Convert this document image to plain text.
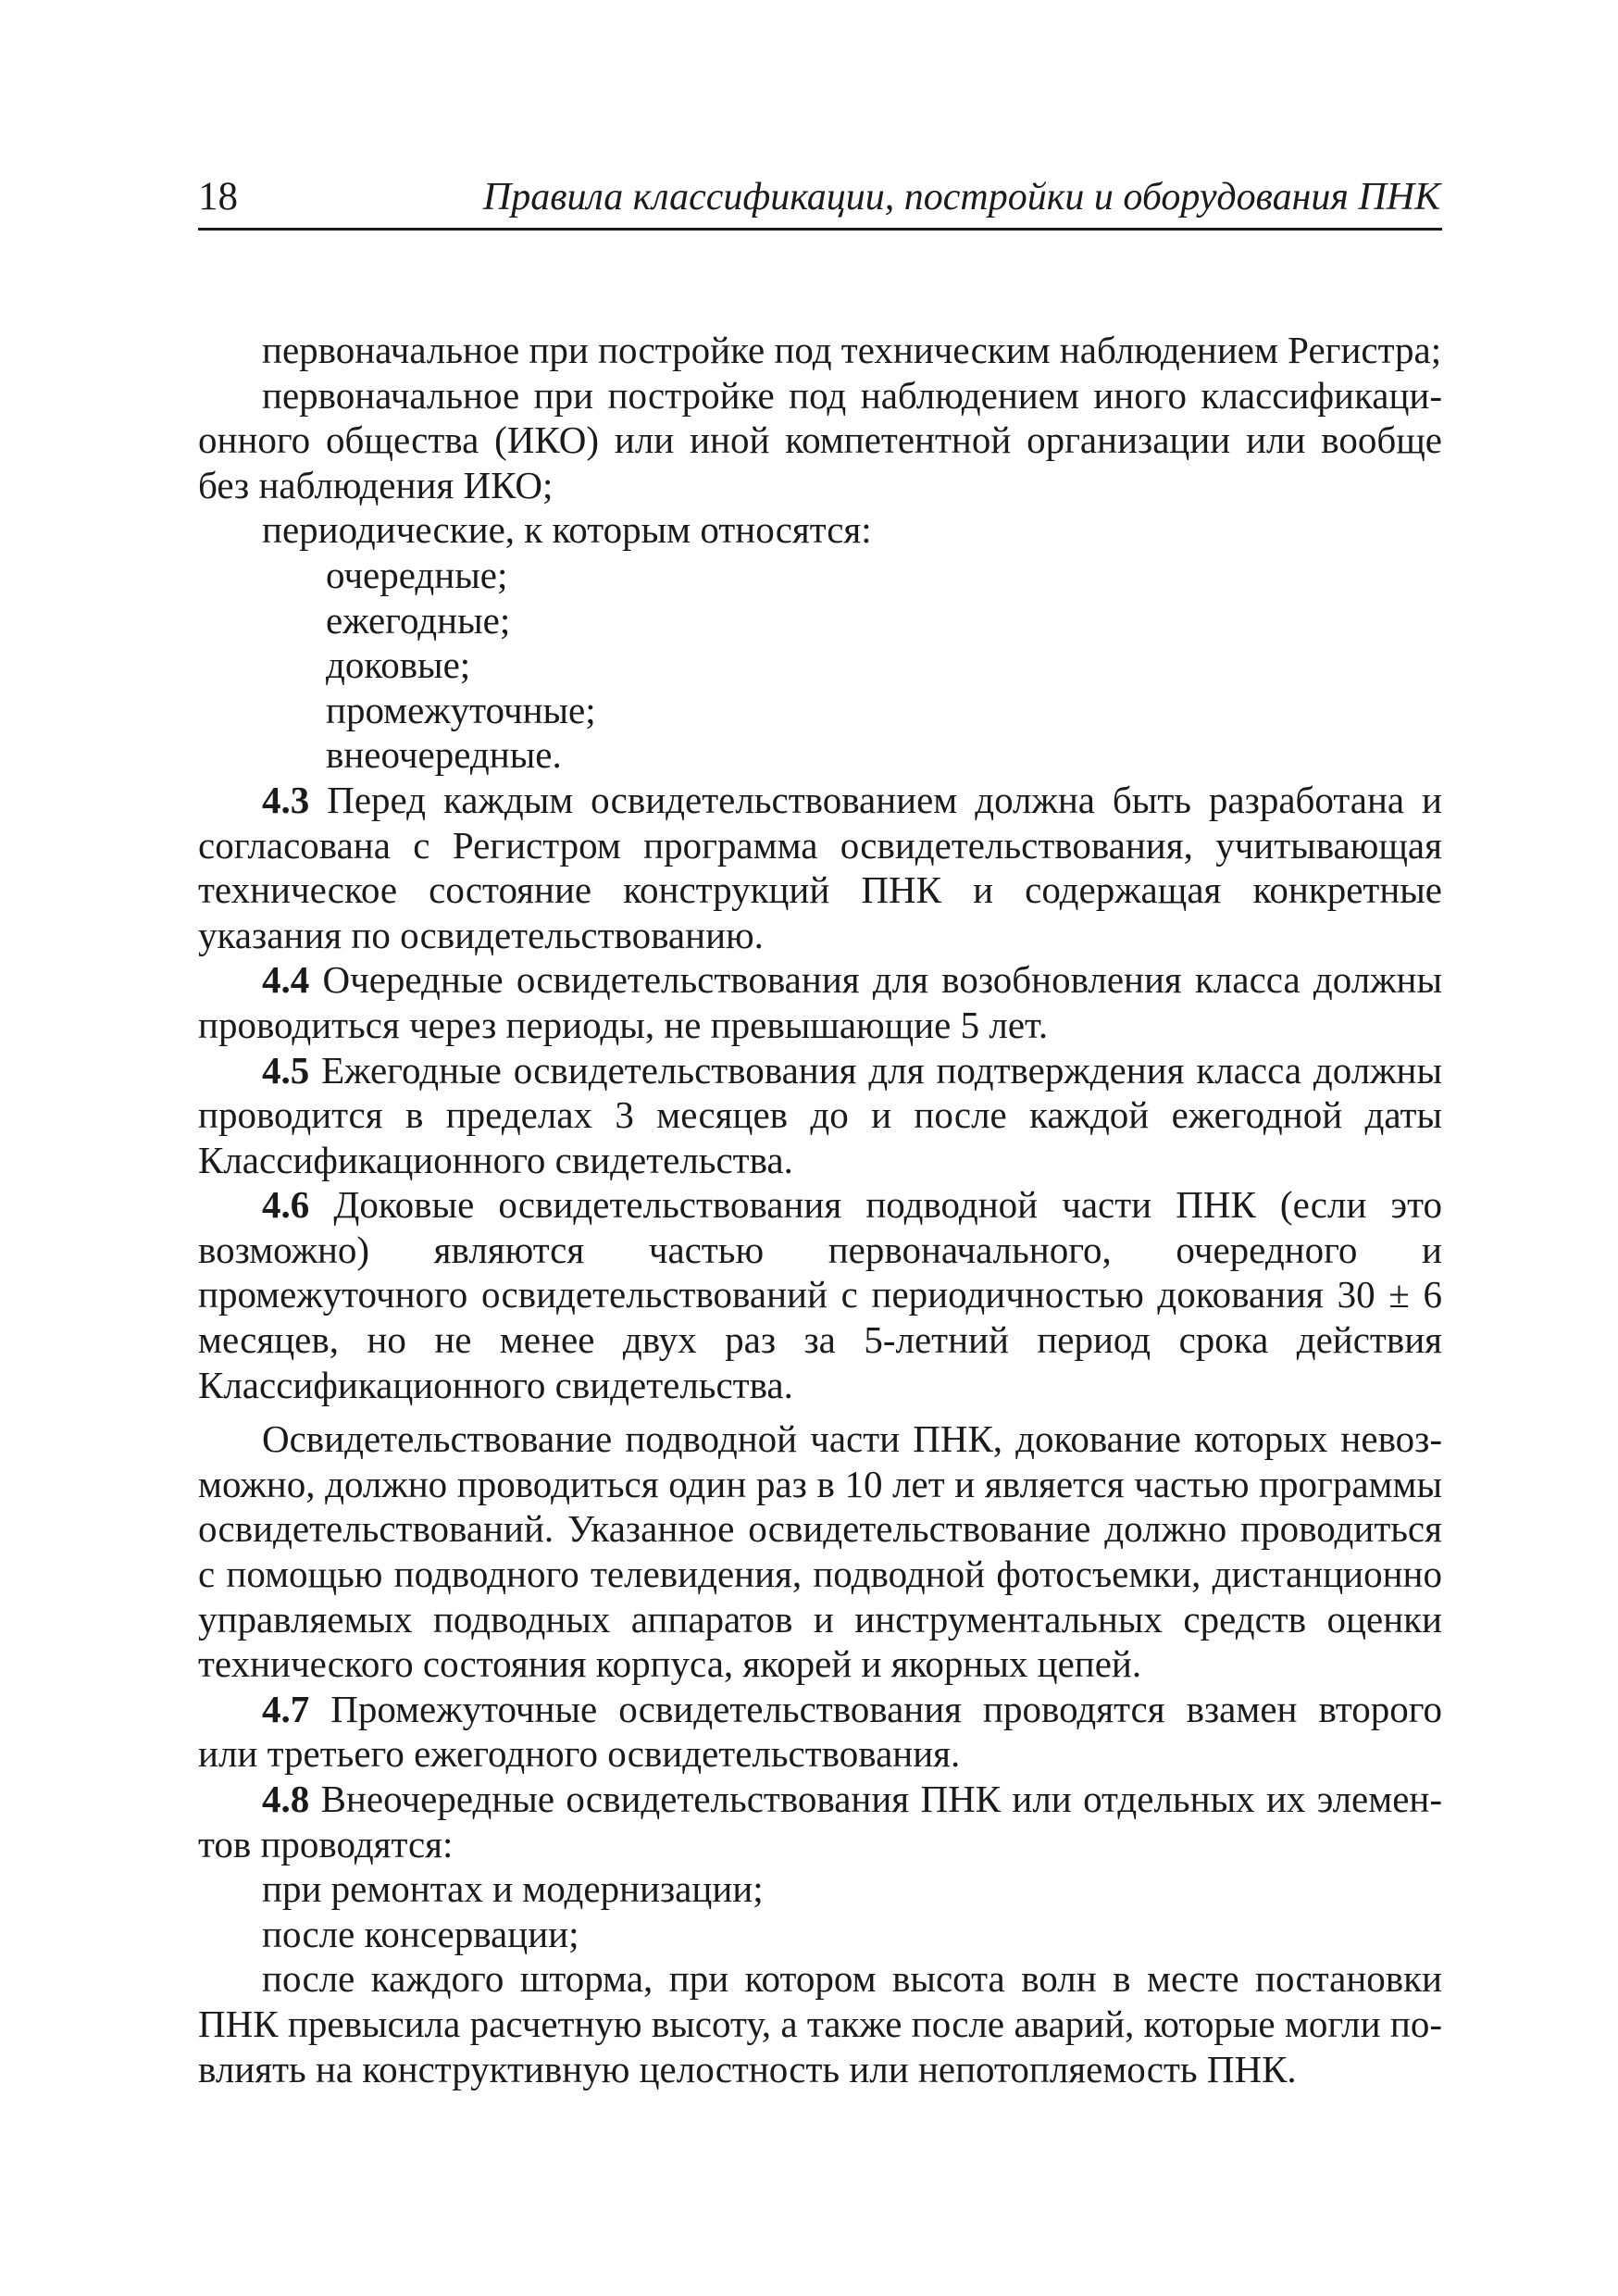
18	Правила классификации, постройки и оборудования ПНК

первоначальное при постройке под техническим наблюдением Регистра;

первоначальное при постройке под наблюдением иного классификационного общества (ИКО) или иной компетентной организации или вообще без наблюдения ИКО;

периодические, к которым относятся:

очередные;

ежегодные;

доковые;

промежуточные;

внеочередные.

4.3 Перед каждым освидетельствованием должна быть разработана и согласована с Регистром программа освидетельствования, учитывающая техническое состояние конструкций ПНК и содержащая конкретные указания по освидетельствованию.

4.4 Очередные освидетельствования для возобновления класса должны проводиться через периоды, не превышающие 5 лет.

4.5 Ежегодные освидетельствования для подтверждения класса должны проводится в пределах 3 месяцев до и после каждой ежегодной даты Классификационного свидетельства.

4.6 Доковые освидетельствования подводной части ПНК (если это возможно) являются частью первоначального, очередного и промежуточного освидетельствований с периодичностью докования 30 ± 6 месяцев, но не менее двух раз за 5-летний период срока действия Классификационного свидетельства.

Освидетельствование подводной части ПНК, докование которых невозможно, должно проводиться один раз в 10 лет и является частью программы освидетельствований. Указанное освидетельствование должно проводиться с помощью подводного телевидения, подводной фотосъемки, дистанционно управляемых подводных аппаратов и инструментальных средств оценки технического состояния корпуса, якорей и якорных цепей.

4.7 Промежуточные освидетельствования проводятся взамен второго или третьего ежегодного освидетельствования.

4.8 Внеочередные освидетельствования ПНК или отдельных их элементов проводятся:

при ремонтах и модернизации;

после консервации;

после каждого шторма, при котором высота волн в месте постановки ПНК превысила расчетную высоту, а также после аварий, которые могли повлиять на конструктивную целостность или непотопляемость ПНК.
